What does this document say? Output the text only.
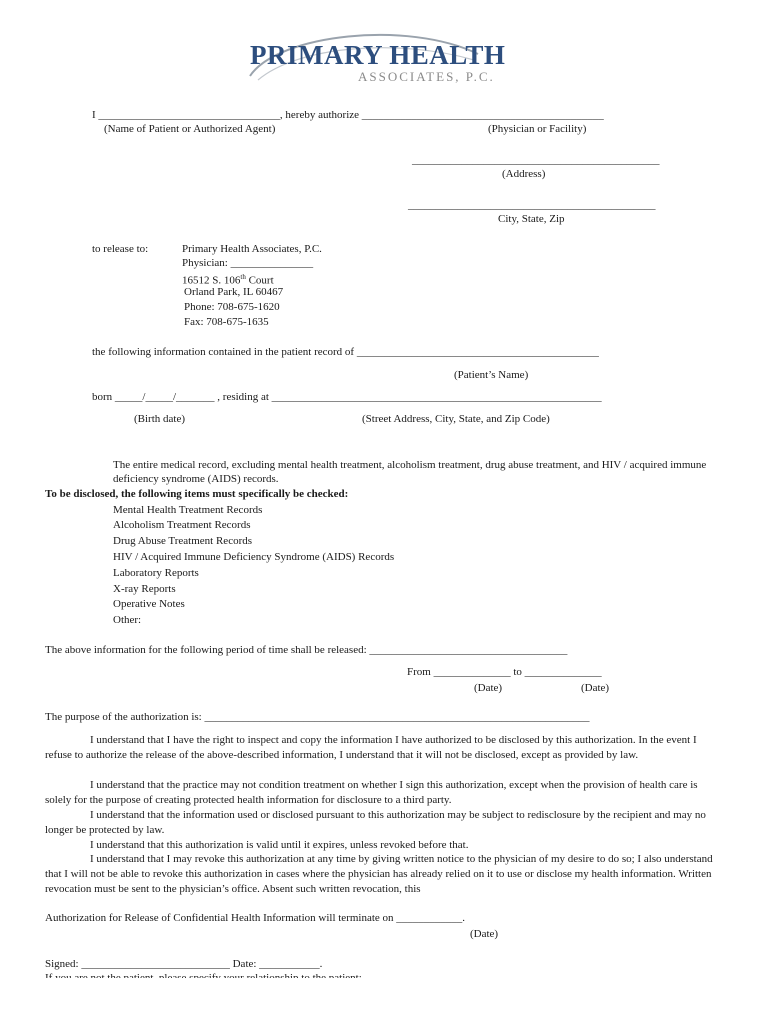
PRIMARY HEALTH
ASSOCIATES, P.C.
I _________________________________, hereby authorize ____________________________________________
(Name of Patient or Authorized Agent)	(Physician or Facility)
_____________________________________________
(Address)
_____________________________________________
City, State, Zip
to release to:	Primary Health Associates, P.C.
Physician: _______________
16512 S. 106th Court
Orland Park, IL 60467
Phone: 708-675-1620
Fax: 708-675-1635
the following information contained in the patient record of ____________________________________________
(Patient’s Name)
born _____/_____/_______ , residing at ____________________________________________________________
(Birth date)	(Street Address, City, State, and Zip Code)
The entire medical record, excluding mental health treatment, alcoholism treatment, drug abuse treatment, and HIV / acquired immune deficiency syndrome (AIDS) records.
To be disclosed, the following items must specifically be checked:
Mental Health Treatment Records
Alcoholism Treatment Records
Drug Abuse Treatment Records
HIV / Acquired Immune Deficiency Syndrome (AIDS) Records
Laboratory Reports
X-ray Reports
Operative Notes
Other:
The above information for the following period of time shall be released: ____________________________________
From ______________ to ______________
(Date)	(Date)
The purpose of the authorization is: ______________________________________________________________________
I understand that I have the right to inspect and copy the information I have authorized to be disclosed by this authorization. In the event I refuse to authorize the release of the above-described information, I understand that it will not be disclosed, except as provided by law.
I understand that the practice may not condition treatment on whether I sign this authorization, except when the provision of health care is solely for the purpose of creating protected health information for disclosure to a third party.
I understand that the information used or disclosed pursuant to this authorization may be subject to redisclosure by the recipient and may no longer be protected by law.
I understand that this authorization is valid until it expires, unless revoked before that.
I understand that I may revoke this authorization at any time by giving written notice to the physician of my desire to do so; I also understand that I will not be able to revoke this authorization in cases where the physician has already relied on it to use or disclose my health information. Written revocation must be sent to the physician’s office. Absent such written revocation, this
Authorization for Release of Confidential Health Information will terminate on ____________.
(Date)
Signed: ___________________________ Date: ___________.
